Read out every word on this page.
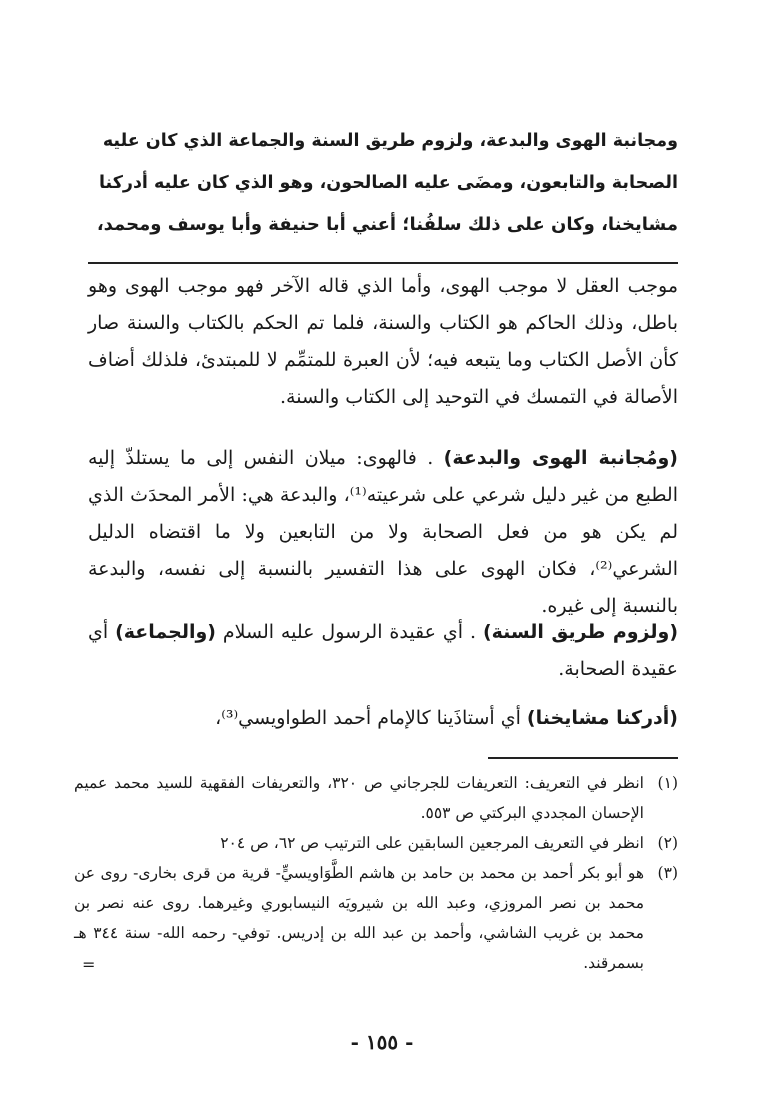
ومجانبة الهوى والبدعة، ولزوم طريق السنة والجماعة الذي كان عليه
الصحابة والتابعون، ومضَى عليه الصالحون، وهو الذي كان عليه أدركنا
مشايخنا، وكان على ذلك سلفُنا؛ أعني أبا حنيفة وأبا يوسف ومحمد،
موجب العقل لا موجب الهوى، وأما الذي قاله الآخر فهو موجب الهوى وهو باطل، وذلك الحاكم هو الكتاب والسنة، فلما تم الحكم بالكتاب والسنة صار كأن الأصل الكتاب وما يتبعه فيه؛ لأن العبرة للمتمِّم لا للمبتدئ، فلذلك أضاف الأصالة في التمسك في التوحيد إلى الكتاب والسنة.
(ومُجانبة الهوى والبدعة) . فالهوى: ميلان النفس إلى ما يستلذّ إليه الطبع من غير دليل شرعي على شرعيته⁽¹⁾، والبدعة هي: الأمر المحدَث الذي لم يكن هو من فعل الصحابة ولا من التابعين ولا ما اقتضاه الدليل الشرعي⁽²⁾، فكان الهوى على هذا التفسير بالنسبة إلى نفسه، والبدعة بالنسبة إلى غيره.
(ولزوم طريق السنة) . أي عقيدة الرسول عليه السلام (والجماعة) أي عقيدة الصحابة.
(أدركنا مشايخنا) أي أستاذَينا كالإمام أحمد الطواويسي⁽³⁾،
(١)
انظر في التعريف: التعريفات للجرجاني ص ٣٢٠، والتعريفات الفقهية للسيد محمد عميم الإحسان المجددي البركتي ص ٥٥٣.
(٢)
انظر في التعريف المرجعين السابقين على الترتيب ص ٦٢، ص ٢٠٤
(٣)
هو أبو بكر أحمد بن محمد بن حامد بن هاشم الطَّوَاويسيٍّ- قرية من قرى بخارى- روى عن محمد بن نصر المروزي، وعبد الله بن شيرويَه النيسابوري وغيرهما. روى عنه نصر بن محمد بن غريب الشاشي، وأحمد بن عبد الله بن إدريس. توفي- رحمه الله- سنة ٣٤٤ هـ بسمرقند.
=
- ١٥٥ -
